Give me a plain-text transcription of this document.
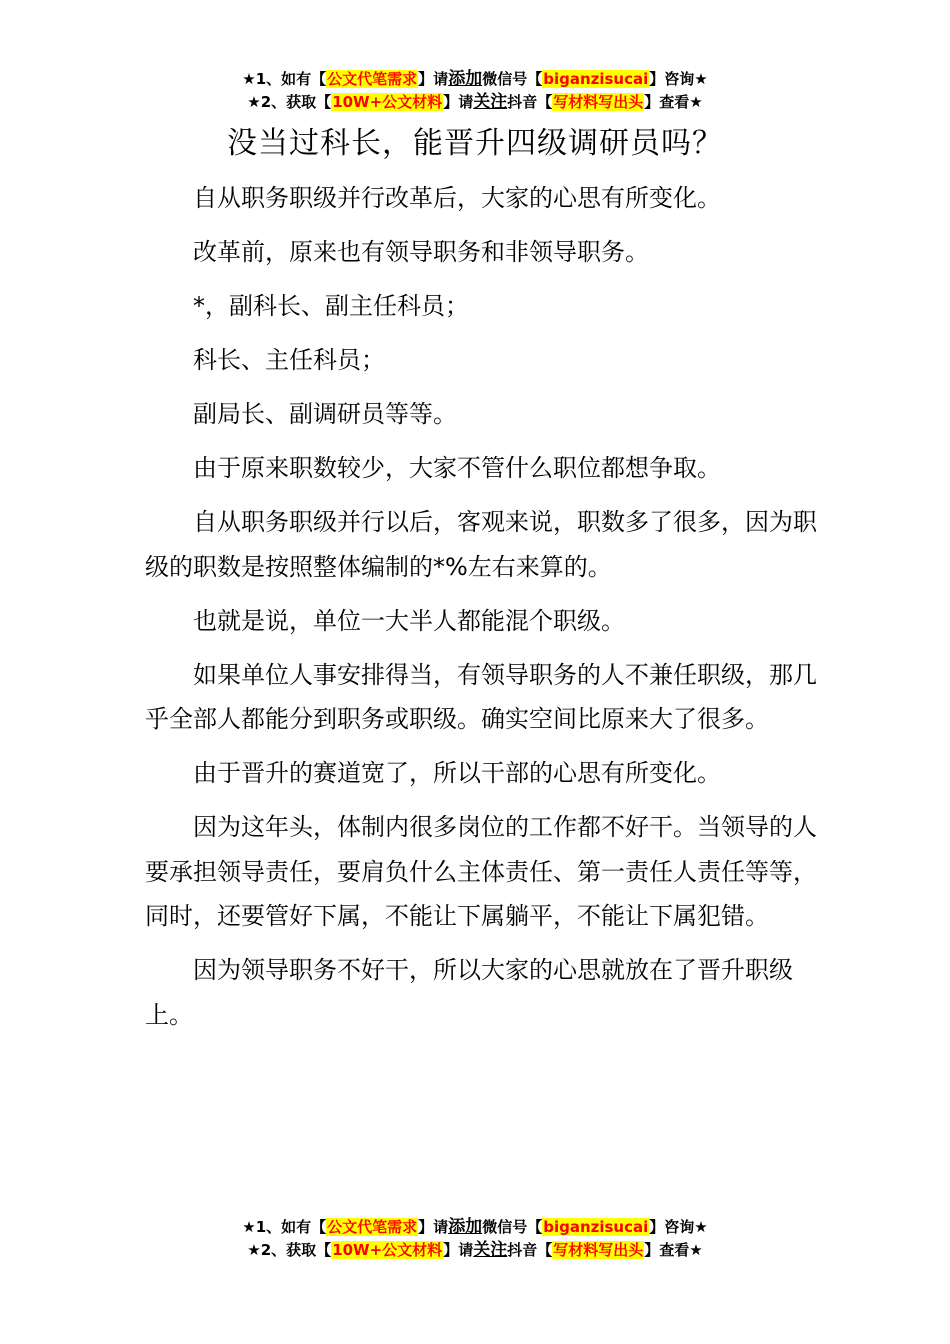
★1、如有【公文代笔需求】请添加微信号【biganzisucai】咨询★
★2、获取【10W+公文材料】请关注抖音【写材料写出头】查看★
没当过科长，能晋升四级调研员吗？

自从职务职级并行改革后，大家的心思有所变化。

改革前，原来也有领导职务和非领导职务。

*，副科长、副主任科员；

科长、主任科员；

副局长、副调研员等等。

由于原来职数较少，大家不管什么职位都想争取。

自从职务职级并行以后，客观来说，职数多了很多，因为职级的职数是按照整体编制的*%左右来算的。

也就是说，单位一大半人都能混个职级。

如果单位人事安排得当，有领导职务的人不兼任职级，那几乎全部人都能分到职务或职级。确实空间比原来大了很多。

由于晋升的赛道宽了，所以干部的心思有所变化。

因为这年头，体制内很多岗位的工作都不好干。当领导的人要承担领导责任，要肩负什么主体责任、第一责任人责任等等，同时，还要管好下属，不能让下属躺平，不能让下属犯错。

因为领导职务不好干，所以大家的心思就放在了晋升职级上。

★1、如有【公文代笔需求】请添加微信号【biganzisucai】咨询★
★2、获取【10W+公文材料】请关注抖音【写材料写出头】查看★
